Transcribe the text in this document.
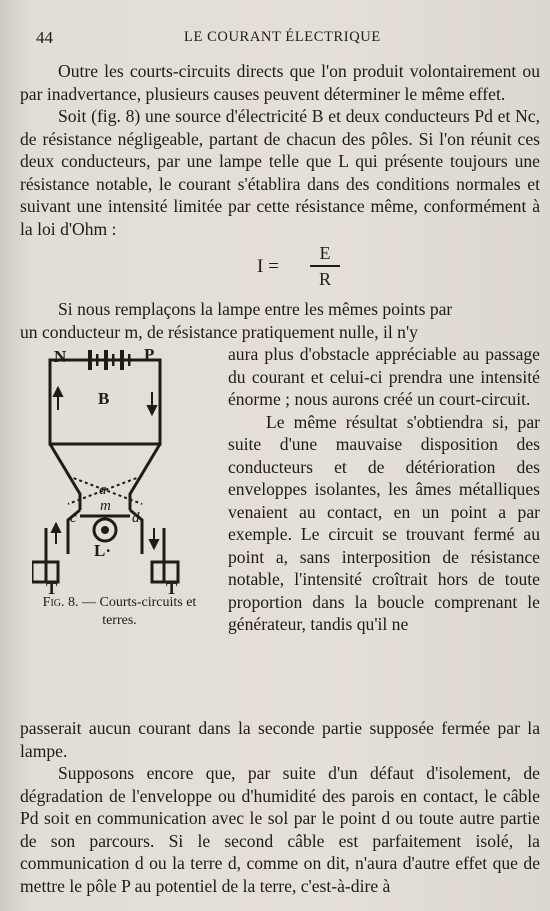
44	LE COURANT ÉLECTRIQUE

Outre les courts-circuits directs que l'on produit volontairement ou par inadvertance, plusieurs causes peuvent déterminer le même effet.

Soit (fig. 8) une source d'électricité B et deux conducteurs Pd et Nc, de résistance négligeable, partant de chacun des pôles. Si l'on réunit ces deux conducteurs, par une lampe telle que L qui présente toujours une résistance notable, le courant s'établira dans des conditions normales et suivant une intensité limitée par cette résistance même, conformément à la loi d'Ohm :

I =
E
R

Si nous remplaçons la lampe entre les mêmes points par

un conducteur m, de résistance pratiquement nulle, il n'y

N	P
B
L·
T	T
a
m
c	d
Fig. 8. — Courts-circuits et terres.

aura plus d'obstacle appréciable au passage du courant et celui-ci prendra une intensité énorme ; nous aurons créé un court-circuit.

Le même résultat s'obtiendra si, par suite d'une mauvaise disposition des conducteurs et de détérioration des enveloppes isolantes, les âmes métalliques venaient au contact, en un point a par exemple. Le circuit se trouvant fermé au point a, sans interposition de résistance notable, l'intensité croîtrait hors de toute proportion dans la boucle comprenant le générateur, tandis qu'il ne

passerait aucun courant dans la seconde partie supposée fermée par la lampe.

Supposons encore que, par suite d'un défaut d'isolement, de dégradation de l'enveloppe ou d'humidité des parois en contact, le câble Pd soit en communication avec le sol par le point d ou toute autre partie de son parcours. Si le second câble est parfaitement isolé, la communication d ou la terre d, comme on dit, n'aura d'autre effet que de mettre le pôle P au potentiel de la terre, c'est-à-dire à
